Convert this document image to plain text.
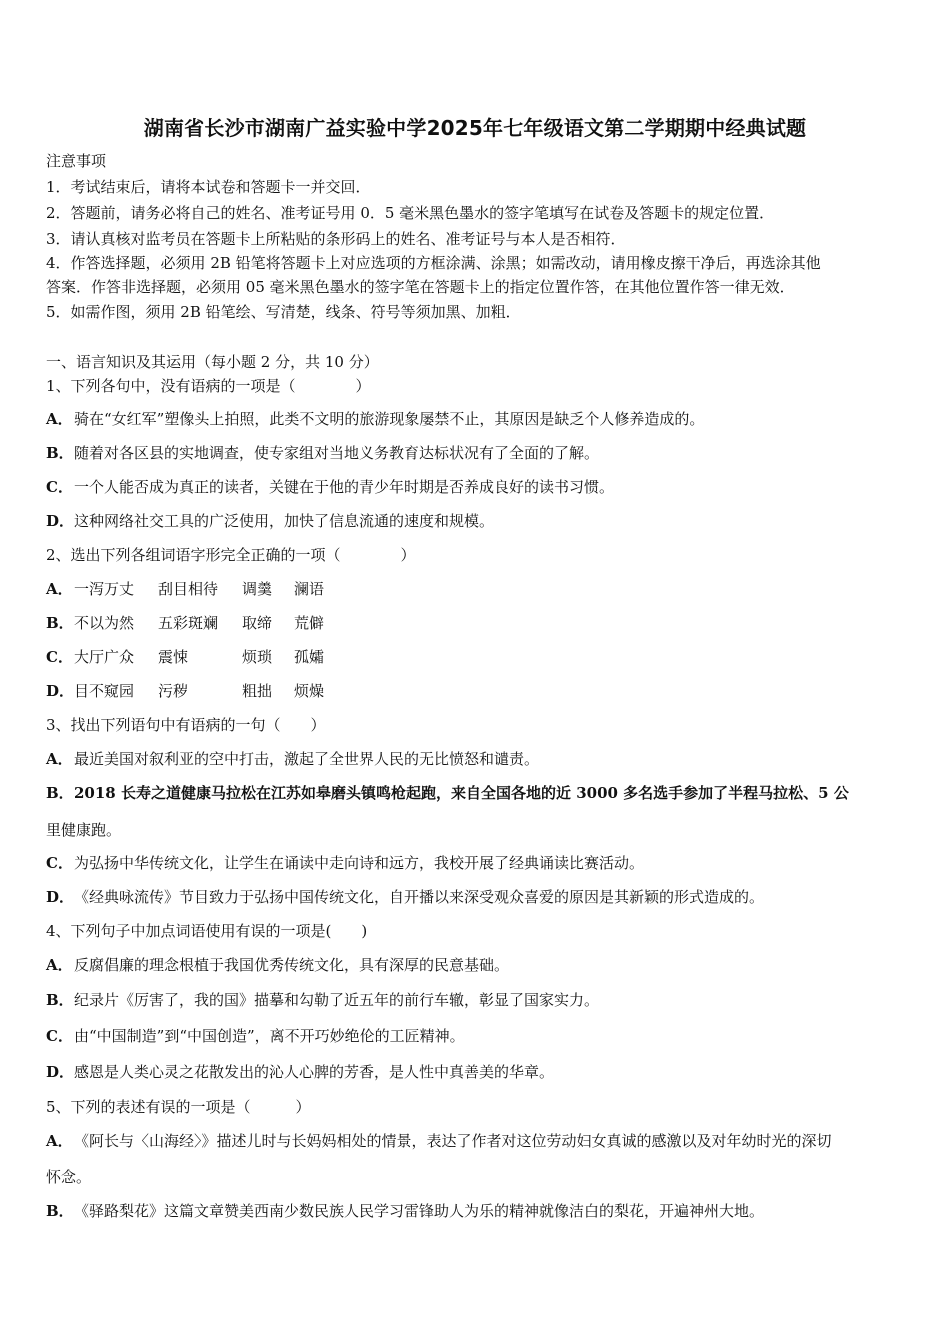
湖南省长沙市湖南广益实验中学2025年七年级语文第二学期期中经典试题
注意事项
1．考试结束后，请将本试卷和答题卡一并交回．
2．答题前，请务必将自己的姓名、准考证号用 0．5 毫米黑色墨水的签字笔填写在试卷及答题卡的规定位置．
3．请认真核对监考员在答题卡上所粘贴的条形码上的姓名、准考证号与本人是否相符．
4．作答选择题，必须用 2B 铅笔将答题卡上对应选项的方框涂满、涂黑；如需改动，请用橡皮擦干净后，再选涂其他
答案．作答非选择题，必须用 05 毫米黑色墨水的签字笔在答题卡上的指定位置作答，在其他位置作答一律无效．
5．如需作图，须用 2B 铅笔绘、写清楚，线条、符号等须加黑、加粗．
一、语言知识及其运用（每小题 2 分，共 10 分）
1、下列各句中，没有语病的一项是（　　　　）
A．骑在“女红军”塑像头上拍照，此类不文明的旅游现象屡禁不止，其原因是缺乏个人修养造成的。
B．随着对各区县的实地调查，使专家组对当地义务教育达标状况有了全面的了解。
C．一个人能否成为真正的读者，关键在于他的青少年时期是否养成良好的读书习惯。
D．这种网络社交工具的广泛使用，加快了信息流通的速度和规模。
2、选出下列各组词语字形完全正确的一项（　　　　）
A．一泻万丈 刮目相待 调羹 澜语
B．不以为然 五彩斑斓 取缔 荒僻
C．大厅广众 震悚	烦琐 孤孀
D．目不窥园 污秽	粗拙 烦燥
3、找出下列语句中有语病的一句（　　）
A．最近美国对叙利亚的空中打击，激起了全世界人民的无比愤怒和谴责。
B．2018 长寿之道健康马拉松在江苏如皋磨头镇鸣枪起跑，来自全国各地的近 3000 多名选手参加了半程马拉松、5 公
里健康跑。
C．为弘扬中华传统文化，让学生在诵读中走向诗和远方，我校开展了经典诵读比赛活动。
D．《经典咏流传》节目致力于弘扬中国传统文化，自开播以来深受观众喜爱的原因是其新颖的形式造成的。
4、下列句子中加点词语使用有误的一项是(　　)
A．反腐倡廉的理念根植于我国优秀传统文化，具有深厚的民意基础。
B．纪录片《厉害了，我的国》描摹和勾勒了近五年的前行车辙，彰显了国家实力。
C．由“中国制造”到“中国创造”，离不开巧妙绝伦的工匠精神。
D．感恩是人类心灵之花散发出的沁人心脾的芳香，是人性中真善美的华章。
5、下列的表述有误的一项是（　　　）
A．《阿长与〈山海经〉》描述儿时与长妈妈相处的情景，表达了作者对这位劳动妇女真诚的感激以及对年幼时光的深切
怀念。
B．《驿路梨花》这篇文章赞美西南少数民族人民学习雷锋助人为乐的精神就像洁白的梨花，开遍神州大地。
